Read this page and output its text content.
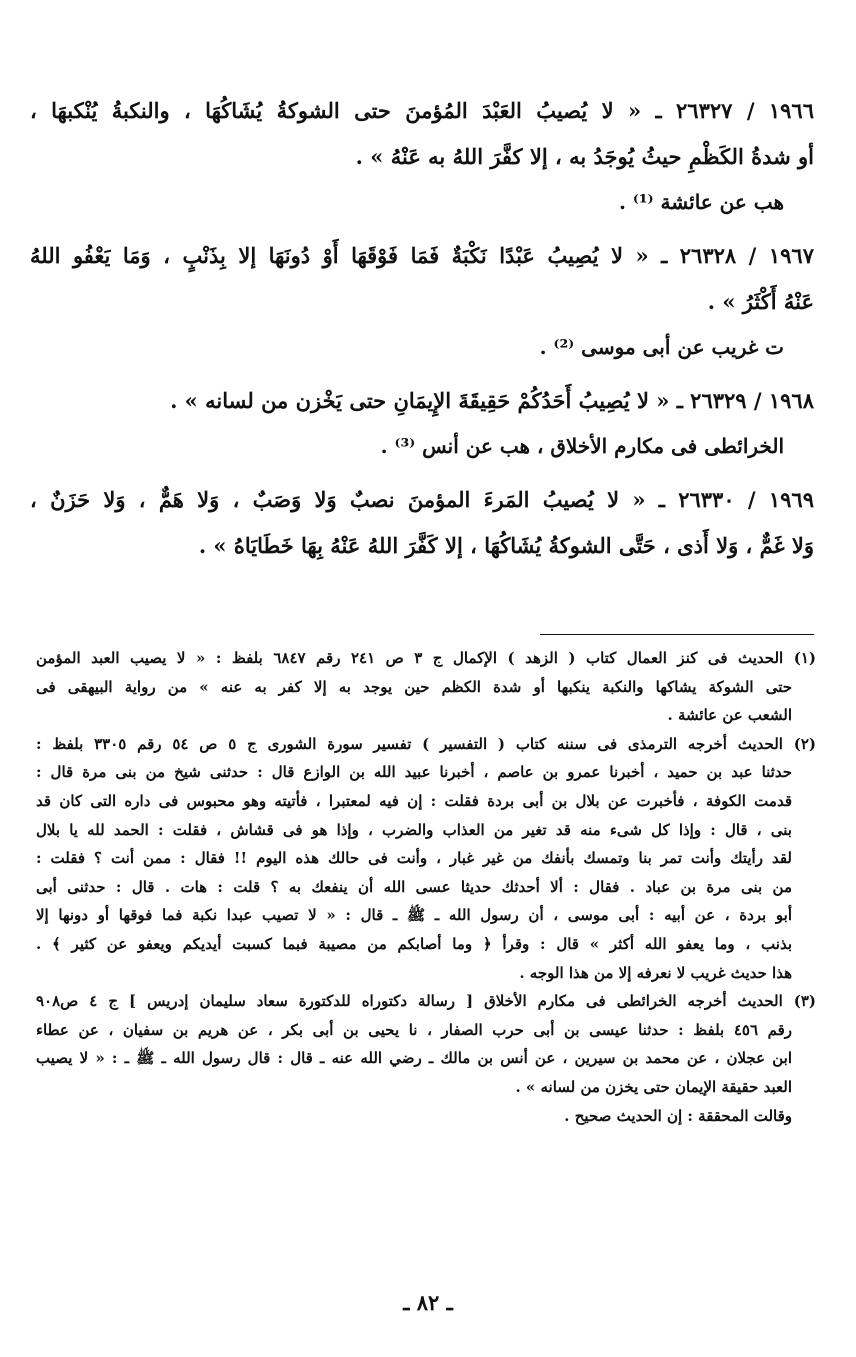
١٩٦٦ / ٢٦٣٢٧ ـ « لا يُصيبُ العَبْدَ المُؤمنَ حتى الشوكةُ يُشَاكُهَا ، والنكبةُ يُنْكبهَا ،
أو شدةُ الكَظْمِ حيثُ يُوجَدُ به ، إلا كفَّرَ اللهُ به عَنْهُ » .
هب عن عائشة ⁽¹⁾ .
١٩٦٧ / ٢٦٣٢٨ ـ « لا يُصِيبُ عَبْدًا نَكْبَةٌ فَمَا فَوْقَهَا أَوْ دُونَهَا إلا بِذَنْبٍ ، وَمَا يَعْفُو اللهُ
عَنْهُ أَكْثَرُ » .
ت غريب عن أبى موسى ⁽²⁾ .
١٩٦٨ / ٢٦٣٢٩ ـ « لا يُصِيبُ أَحَدُكُمْ حَقِيقَةَ الإِيمَانِ حتى يَخْزن من لسانه » .
الخرائطى فى مكارم الأخلاق ، هب عن أنس ⁽³⁾ .
١٩٦٩ / ٢٦٣٣٠ ـ « لا يُصيبُ المَرءَ المؤمنَ نصبٌ وَلا وَصَبٌ ، وَلا هَمٌّ ، وَلا حَزَنٌ ،
وَلا غَمٌّ ، وَلا أَذى ، حَتَّى الشوكةُ يُشَاكُهَا ، إلا كَفَّرَ اللهُ عَنْهُ بِهَا خَطَايَاهُ » .
(١) الحديث فى كنز العمال كتاب ( الزهد ) الإكمال ج ٣ ص ٢٤١ رقم ٦٨٤٧ بلفظ : « لا يصيب العبد المؤمن
حتى الشوكة يشاكها والنكبة ينكبها أو شدة الكظم حين يوجد به إلا كفر به عنه » من رواية البيهقى فى
الشعب عن عائشة .
(٢) الحديث أخرجه الترمذى فى سننه كتاب ( التفسير ) تفسير سورة الشورى ج ٥ ص ٥٤ رقم ٣٣٠٥ بلفظ :
حدثنا عبد بن حميد ، أخبرنا عمرو بن عاصم ، أخبرنا عبيد الله بن الوازع قال : حدثنى شيخ من بنى مرة قال :
قدمت الكوفة ، فأخبرت عن بلال بن أبى بردة فقلت : إن فيه لمعتبرا ، فأتيته وهو محبوس فى داره التى كان قد
بنى ، قال : وإذا كل شىء منه قد تغير من العذاب والضرب ، وإذا هو فى قشاش ، فقلت : الحمد لله يا بلال
لقد رأيتك وأنت تمر بنا وتمسك بأنفك من غير غبار ، وأنت فى حالك هذه اليوم !! فقال : ممن أنت ؟ فقلت :
من بنى مرة بن عباد . فقال : ألا أحدثك حديثا عسى الله أن ينفعك به ؟ قلت : هات . قال : حدثنى أبى
أبو بردة ، عن أبيه : أبى موسى ، أن رسول الله ـ ﷺ ـ قال : « لا تصيب عبدا نكبة فما فوقها أو دونها إلا
بذنب ، وما يعفو الله أكثر » قال : وقرأ ﴿ وما أصابكم من مصيبة فبما كسبت أيديكم ويعفو عن كثير ﴾ .
هذا حديث غريب لا نعرفه إلا من هذا الوجه .
(٣) الحديث أخرجه الخرائطى فى مكارم الأخلاق [ رسالة دكتوراه للدكتورة سعاد سليمان إدريس ] ج ٤ ص٩٠٨
رقم ٤٥٦ بلفظ : حدثنا عيسى بن أبى حرب الصفار ، نا يحيى بن أبى بكر ، عن هريم بن سفيان ، عن عطاء
ابن عجلان ، عن محمد بن سيرين ، عن أنس بن مالك ـ رضي الله عنه ـ قال : قال رسول الله ـ ﷺ ـ : « لا يصيب
العبد حقيقة الإيمان حتى يخزن من لسانه » .
وقالت المحققة : إن الحديث صحيح .
ـ ٨٢ ـ
